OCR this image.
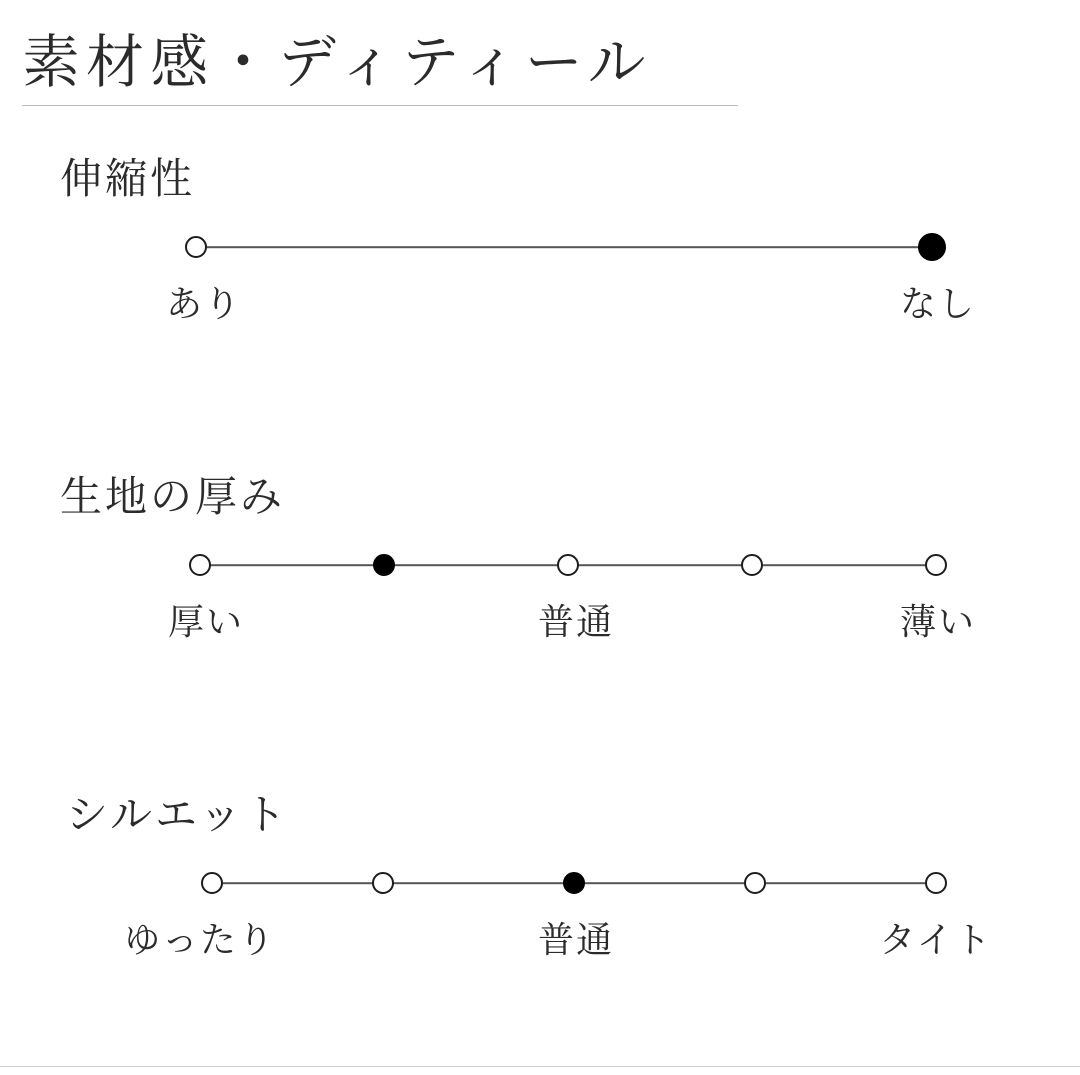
素材感・ディティール
伸縮性
あり	なし
生地の厚み
厚い	普通	薄い
シルエット
ゆったり	普通	タイト
